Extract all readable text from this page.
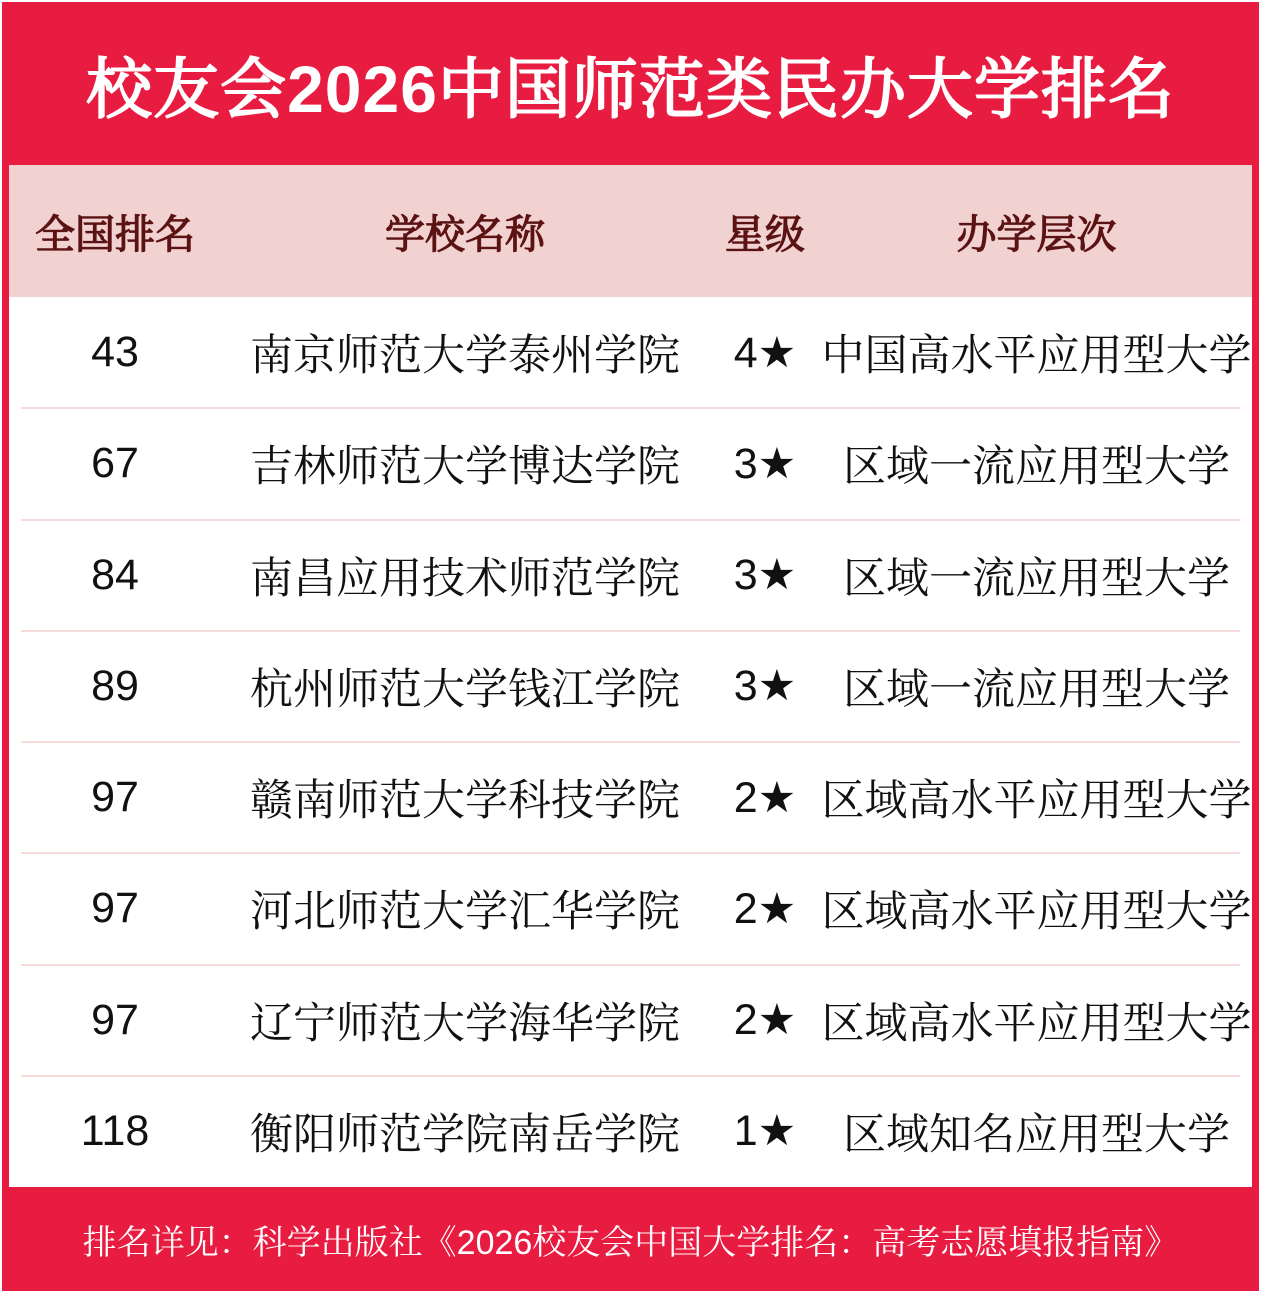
校友会2026中国师范类民办大学排名
全国排名	学校名称	星级	办学层次
43	南京师范大学泰州学院	4★ 中国高水平应用型大学
67	吉林师范大学博达学院	3★	区域一流应用型大学
84	南昌应用技术师范学院	3★	区域一流应用型大学
89	杭州师范大学钱江学院	3★	区域一流应用型大学
97	赣南师范大学科技学院	2★ 区域高水平应用型大学
97	河北师范大学汇华学院	2★ 区域高水平应用型大学
97	辽宁师范大学海华学院	2★ 区域高水平应用型大学
118	衡阳师范学院南岳学院	1★	区域知名应用型大学
排名详见：科学出版社《2026校友会中国大学排名：高考志愿填报指南》
